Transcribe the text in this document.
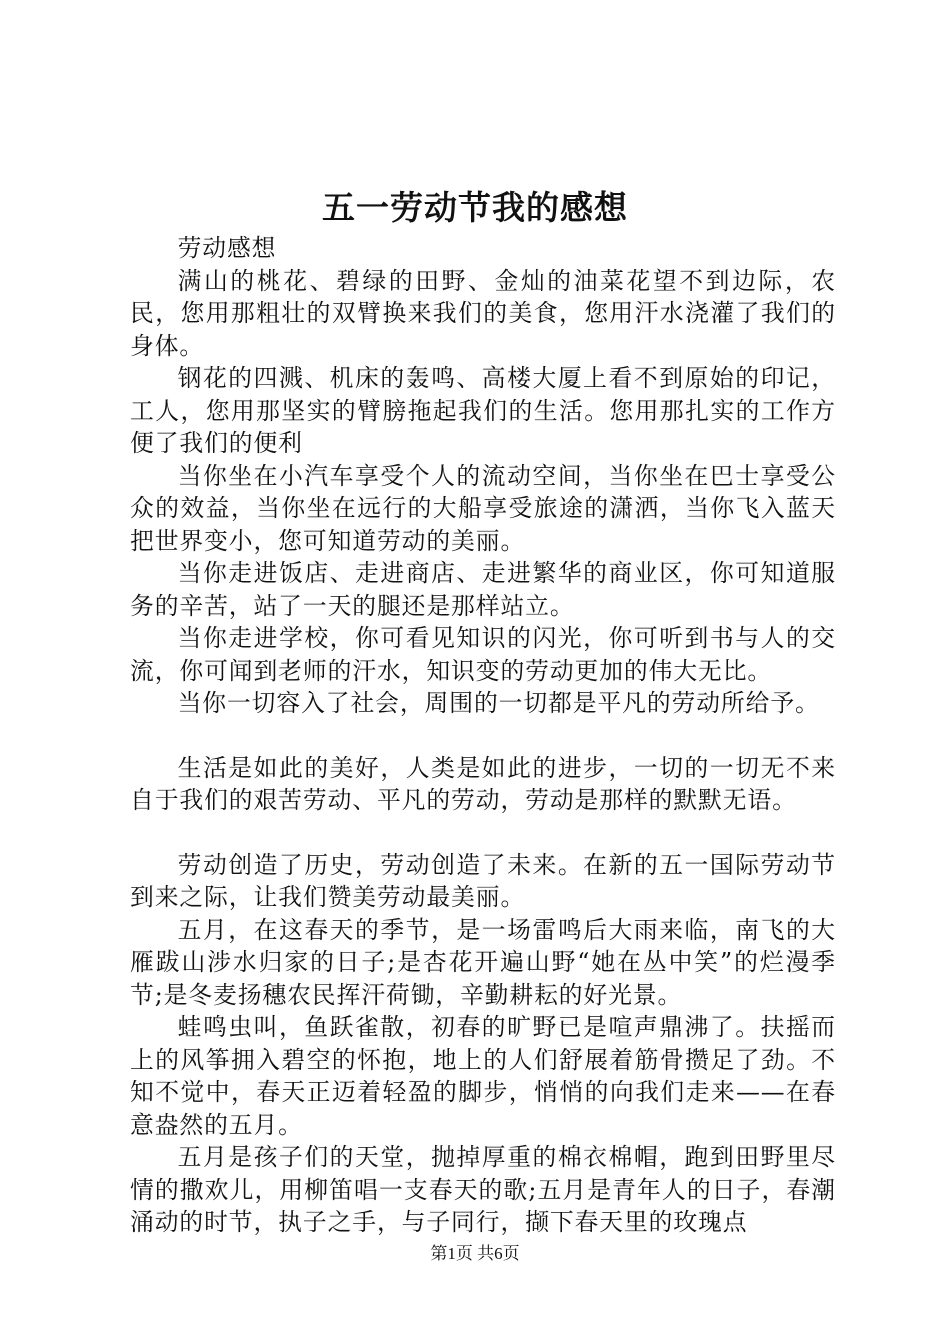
五一劳动节我的感想

劳动感想

满山的桃花、碧绿的田野、金灿的油菜花望不到边际，农民，您用那粗壮的双臂换来我们的美食，您用汗水浇灌了我们的身体。

钢花的四溅、机床的轰鸣、高楼大厦上看不到原始的印记，工人，您用那坚实的臂膀拖起我们的生活。您用那扎实的工作方便了我们的便利

当你坐在小汽车享受个人的流动空间，当你坐在巴士享受公众的效益，当你坐在远行的大船享受旅途的潇洒，当你飞入蓝天把世界变小，您可知道劳动的美丽。

当你走进饭店、走进商店、走进繁华的商业区，你可知道服务的辛苦，站了一天的腿还是那样站立。

当你走进学校，你可看见知识的闪光，你可听到书与人的交流，你可闻到老师的汗水，知识变的劳动更加的伟大无比。

当你一切容入了社会，周围的一切都是平凡的劳动所给予。

生活是如此的美好，人类是如此的进步，一切的一切无不来自于我们的艰苦劳动、平凡的劳动，劳动是那样的默默无语。

劳动创造了历史，劳动创造了未来。在新的五一国际劳动节到来之际，让我们赞美劳动最美丽。

五月，在这春天的季节，是一场雷鸣后大雨来临，南飞的大雁跋山涉水归家的日子;是杏花开遍山野“她在丛中笑”的烂漫季节;是冬麦扬穗农民挥汗荷锄，辛勤耕耘的好光景。

蛙鸣虫叫，鱼跃雀散，初春的旷野已是喧声鼎沸了。扶摇而上的风筝拥入碧空的怀抱，地上的人们舒展着筋骨攒足了劲。不知不觉中，春天正迈着轻盈的脚步，悄悄的向我们走来——在春意盎然的五月。

五月是孩子们的天堂，抛掉厚重的棉衣棉帽，跑到田野里尽情的撒欢儿，用柳笛唱一支春天的歌;五月是青年人的日子，春潮涌动的时节，执子之手，与子同行，撷下春天里的玫瑰点

第1页 共6页
